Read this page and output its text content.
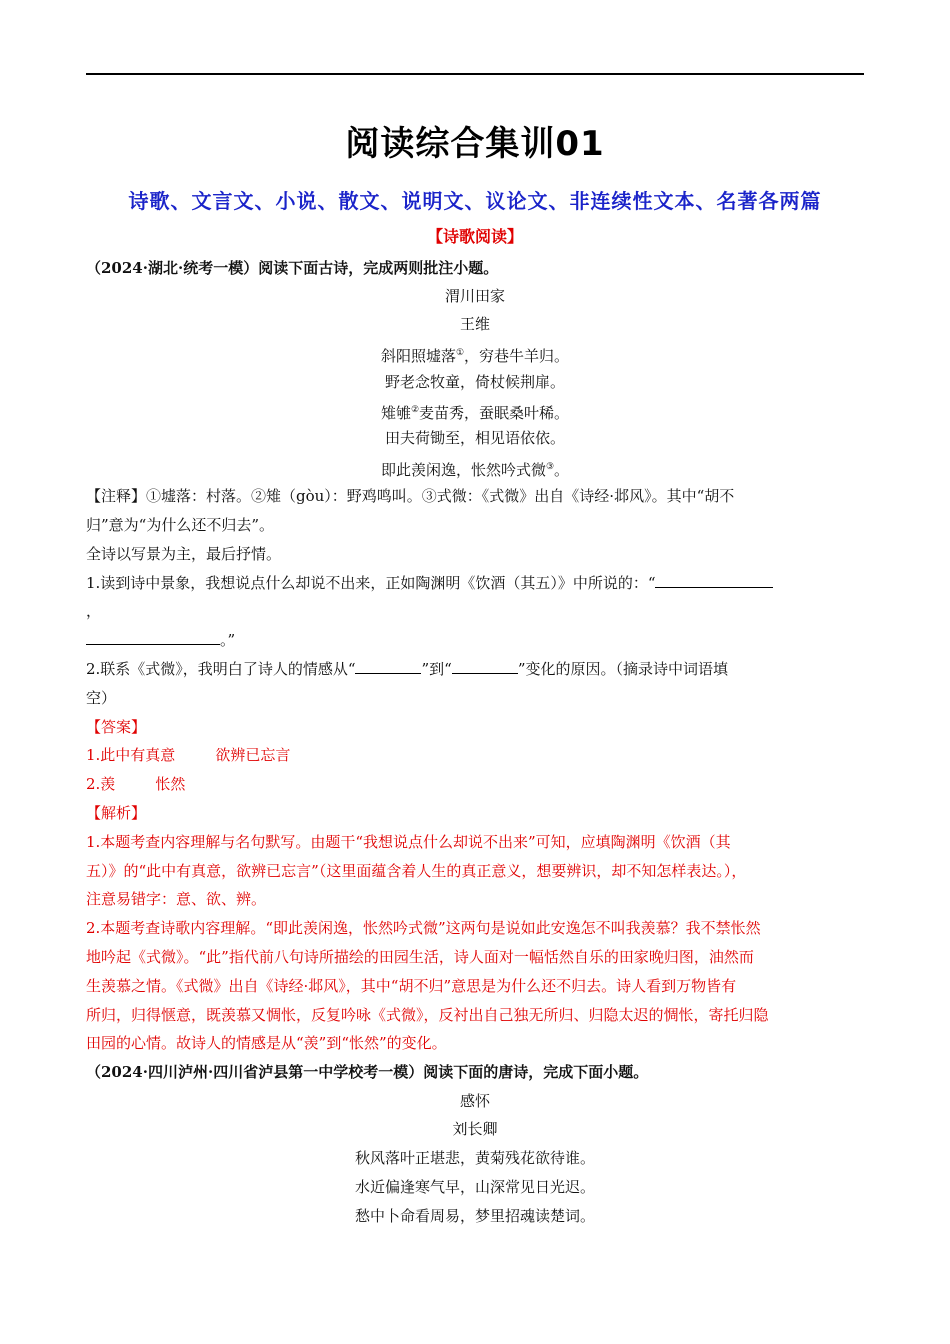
阅读综合集训01
诗歌、文言文、小说、散文、说明文、议论文、非连续性文本、名著各两篇
【诗歌阅读】
（2024·湖北·统考一模）阅读下面古诗，完成两则批注小题。
渭川田家
王维
斜阳照墟落①，穷巷牛羊归。
野老念牧童，倚杖候荆扉。
雉雊②麦苗秀，蚕眠桑叶稀。
田夫荷锄至，相见语依依。
即此羡闲逸，怅然吟式微③。
【注释】①墟落：村落。②雉（gòu）：野鸡鸣叫。③式微：《式微》出自《诗经·邶风》。其中“胡不
归”意为“为什么还不归去”。
全诗以写景为主，最后抒情。
1.读到诗中景象，我想说点什么却说不出来，正如陶渊明《饮酒（其五）》中所说的：“
，
。”
2.联系《式微》，我明白了诗人的情感从“	”到“	”变化的原因。（摘录诗中词语填
空）
【答案】
1.此中有真意	欲辨已忘言
2.羡	怅然
【解析】
1.本题考查内容理解与名句默写。由题干“我想说点什么却说不出来”可知，应填陶渊明《饮酒（其
五）》的“此中有真意，欲辨已忘言”（这里面蕴含着人生的真正意义，想要辨识，却不知怎样表达。），
注意易错字：意、欲、辨。
2.本题考查诗歌内容理解。“即此羡闲逸，怅然吟式微”这两句是说如此安逸怎不叫我羡慕？我不禁怅然
地吟起《式微》。“此”指代前八句诗所描绘的田园生活，诗人面对一幅恬然自乐的田家晚归图，油然而
生羡慕之情。《式微》出自《诗经·邶风》，其中“胡不归”意思是为什么还不归去。诗人看到万物皆有
所归，归得惬意，既羡慕又惆怅，反复吟咏《式微》，反衬出自己独无所归、归隐太迟的惆怅，寄托归隐
田园的心情。故诗人的情感是从“羡”到“怅然”的变化。
（2024·四川泸州·四川省泸县第一中学校考一模）阅读下面的唐诗，完成下面小题。
感怀
刘长卿
秋风落叶正堪悲，黄菊残花欲待谁。
水近偏逢寒气早，山深常见日光迟。
愁中卜命看周易，梦里招魂读楚词。
